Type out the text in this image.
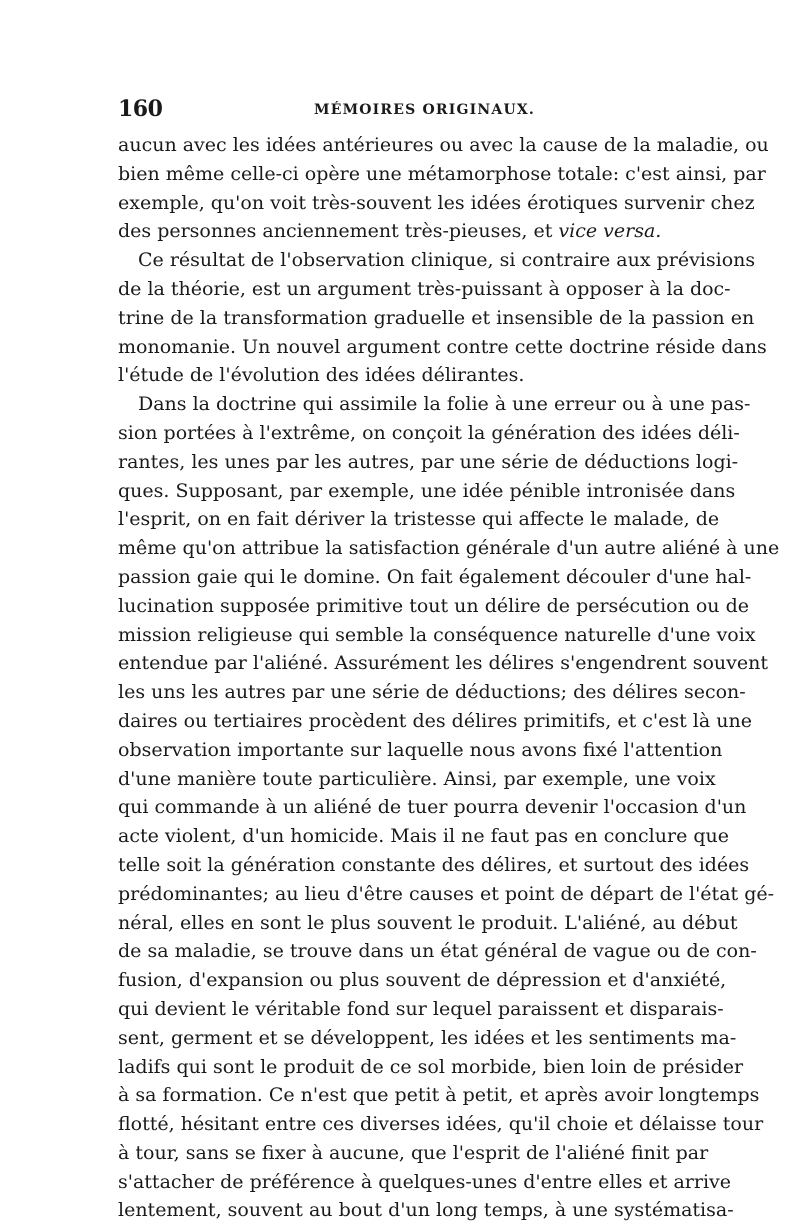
160	MÉMOIRES ORIGINAUX.
aucun avec les idées antérieures ou avec la cause de la maladie, ou
bien même celle-ci opère une métamorphose totale: c'est ainsi, par
exemple, qu'on voit très-souvent les idées érotiques survenir chez
des personnes anciennement très-pieuses, et vice versa.
Ce résultat de l'observation clinique, si contraire aux prévisions
de la théorie, est un argument très-puissant à opposer à la doc-
trine de la transformation graduelle et insensible de la passion en
monomanie. Un nouvel argument contre cette doctrine réside dans
l'étude de l'évolution des idées délirantes.
Dans la doctrine qui assimile la folie à une erreur ou à une pas-
sion portées à l'extrême, on conçoit la génération des idées déli-
rantes, les unes par les autres, par une série de déductions logi-
ques. Supposant, par exemple, une idée pénible intronisée dans
l'esprit, on en fait dériver la tristesse qui affecte le malade, de
même qu'on attribue la satisfaction générale d'un autre aliéné à une
passion gaie qui le domine. On fait également découler d'une hal-
lucination supposée primitive tout un délire de persécution ou de
mission religieuse qui semble la conséquence naturelle d'une voix
entendue par l'aliéné. Assurément les délires s'engendrent souvent
les uns les autres par une série de déductions; des délires secon-
daires ou tertiaires procèdent des délires primitifs, et c'est là une
observation importante sur laquelle nous avons fixé l'attention
d'une manière toute particulière. Ainsi, par exemple, une voix
qui commande à un aliéné de tuer pourra devenir l'occasion d'un
acte violent, d'un homicide. Mais il ne faut pas en conclure que
telle soit la génération constante des délires, et surtout des idées
prédominantes; au lieu d'être causes et point de départ de l'état gé-
néral, elles en sont le plus souvent le produit. L'aliéné, au début
de sa maladie, se trouve dans un état général de vague ou de con-
fusion, d'expansion ou plus souvent de dépression et d'anxiété,
qui devient le véritable fond sur lequel paraissent et disparais-
sent, germent et se développent, les idées et les sentiments ma-
ladifs qui sont le produit de ce sol morbide, bien loin de présider
à sa formation. Ce n'est que petit à petit, et après avoir longtemps
flotté, hésitant entre ces diverses idées, qu'il choie et délaisse tour
à tour, sans se fixer à aucune, que l'esprit de l'aliéné finit par
s'attacher de préférence à quelques-unes d'entre elles et arrive
lentement, souvent au bout d'un long temps, à une systématisa-
